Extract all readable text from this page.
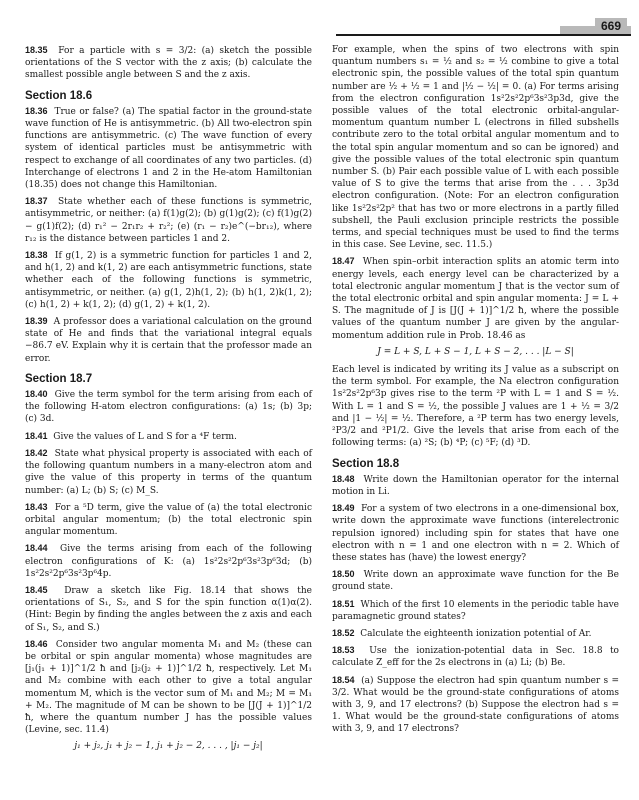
669

18.35 For a particle with s = 3/2: (a) sketch the possible orientations of the S vector with the z axis; (b) calculate the smallest possible angle between S and the z axis.

Section 18.6

18.36 True or false? (a) The spatial factor in the ground-state wave function of He is antisymmetric. (b) All two-electron spin functions are antisymmetric. (c) The wave function of every system of identical particles must be antisymmetric with respect to exchange of all coordinates of any two particles. (d) Interchange of electrons 1 and 2 in the He-atom Hamiltonian (18.35) does not change this Hamiltonian.

18.37 State whether each of these functions is symmetric, antisymmetric, or neither: (a) f(1)g(2); (b) g(1)g(2); (c) f(1)g(2) − g(1)f(2); (d) r₁² − 2r₁r₂ + r₂²; (e) (r₁ − r₂)e^(−br₁₂), where r₁₂ is the distance between particles 1 and 2.

18.38 If g(1, 2) is a symmetric function for particles 1 and 2, and h(1, 2) and k(1, 2) are each antisymmetric functions, state whether each of the following functions is symmetric, antisymmetric, or neither. (a) g(1, 2)h(1, 2); (b) h(1, 2)k(1, 2); (c) h(1, 2) + k(1, 2); (d) g(1, 2) + k(1, 2).

18.39 A professor does a variational calculation on the ground state of He and finds that the variational integral equals −86.7 eV. Explain why it is certain that the professor made an error.

Section 18.7

18.40 Give the term symbol for the term arising from each of the following H-atom electron configurations: (a) 1s; (b) 3p; (c) 3d.

18.41 Give the values of L and S for a ⁴F term.

18.42 State what physical property is associated with each of the following quantum numbers in a many-electron atom and give the value of this property in terms of the quantum number: (a) L; (b) S; (c) M_S.

18.43 For a ⁵D term, give the value of (a) the total electronic orbital angular momentum; (b) the total electronic spin angular momentum.

18.44 Give the terms arising from each of the following electron configurations of K: (a) 1s²2s²2p⁶3s²3p⁶3d; (b) 1s²2s²2p⁶3s²3p⁶4p.

18.45 Draw a sketch like Fig. 18.14 that shows the orientations of S₁, S₂, and S for the spin function α(1)α(2). (Hint: Begin by finding the angles between the z axis and each of S₁, S₂, and S.)

18.46 Consider two angular momenta M₁ and M₂ (these can be orbital or spin angular momenta) whose magnitudes are [j₁(j₁ + 1)]^1/2 ħ and [j₂(j₂ + 1)]^1/2 ħ, respectively. Let M₁ and M₂ combine with each other to give a total angular momentum M, which is the vector sum of M₁ and M₂; M = M₁ + M₂. The magnitude of M can be shown to be [J(J + 1)]^1/2 ħ, where the quantum number J has the possible values (Levine, sec. 11.4)

j₁ + j₂, j₁ + j₂ − 1, j₁ + j₂ − 2, . . . , |j₁ − j₂|

For example, when the spins of two electrons with spin quantum numbers s₁ = ½ and s₂ = ½ combine to give a total electronic spin, the possible values of the total spin quantum number are ½ + ½ = 1 and |½ − ½| = 0. (a) For terms arising from the electron configuration 1s²2s²2p⁶3s²3p3d, give the possible values of the total electronic orbital-angular-momentum quantum number L (electrons in filled subshells contribute zero to the total orbital angular momentum and to the total spin angular momentum and so can be ignored) and give the possible values of the total electronic spin quantum number S. (b) Pair each possible value of L with each possible value of S to give the terms that arise from the . . . 3p3d electron configuration. (Note: For an electron configuration like 1s²2s²2p² that has two or more electrons in a partly filled subshell, the Pauli exclusion principle restricts the possible terms, and special techniques must be used to find the terms in this case. See Levine, sec. 11.5.)

18.47 When spin–orbit interaction splits an atomic term into energy levels, each energy level can be characterized by a total electronic angular momentum J that is the vector sum of the total electronic orbital and spin angular momenta: J = L + S. The magnitude of J is [J(J + 1)]^1/2 ħ, where the possible values of the quantum number J are given by the angular-momentum addition rule in Prob. 18.46 as

J = L + S, L + S − 1, L + S − 2, . . . |L − S|

Each level is indicated by writing its J value as a subscript on the term symbol. For example, the Na electron configuration 1s²2s²2p⁶3p gives rise to the term ²P with L = 1 and S = ½. With L = 1 and S = ½, the possible J values are 1 + ½ = 3/2 and |1 − ½| = ½. Therefore, a ²P term has two energy levels, ²P3/2 and ²P1/2. Give the levels that arise from each of the following terms: (a) ²S; (b) ⁴P; (c) ⁵F; (d) ³D.

Section 18.8

18.48 Write down the Hamiltonian operator for the internal motion in Li.

18.49 For a system of two electrons in a one-dimensional box, write down the approximate wave functions (interelectronic repulsion ignored) including spin for states that have one electron with n = 1 and one electron with n = 2. Which of these states has (have) the lowest energy?

18.50 Write down an approximate wave function for the Be ground state.

18.51 Which of the first 10 elements in the periodic table have paramagnetic ground states?

18.52 Calculate the eighteenth ionization potential of Ar.

18.53 Use the ionization-potential data in Sec. 18.8 to calculate Z_eff for the 2s electrons in (a) Li; (b) Be.

18.54 (a) Suppose the electron had spin quantum number s = 3/2. What would be the ground-state configurations of atoms with 3, 9, and 17 electrons? (b) Suppose the electron had s = 1. What would be the ground-state configurations of atoms with 3, 9, and 17 electrons?
